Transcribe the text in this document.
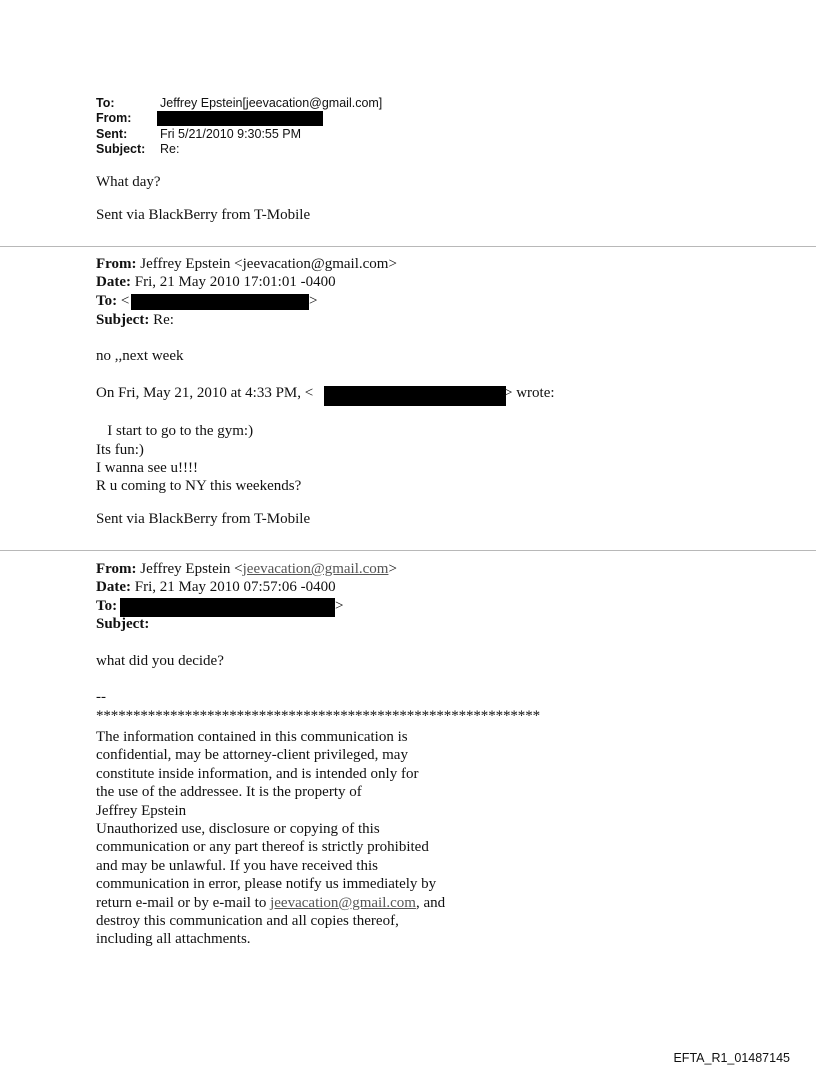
To:	Jeffrey Epstein[jeevacation@gmail.com]
From:
Sent:	Fri 5/21/2010 9:30:55 PM
Subject: Re:
What day?
Sent via BlackBerry from T-Mobile
From: Jeffrey Epstein <jeevacation@gmail.com>
Date: Fri, 21 May 2010 17:01:01 -0400
To: <	>
Subject: Re:
no ,,next week
On Fri, May 21, 2010 at 4:33 PM, <	> wrote:
I start to go to the gym:)
Its fun:)
I wanna see u!!!!
R u coming to NY this weekends?
Sent via BlackBerry from T-Mobile
From: Jeffrey Epstein <jeevacation@gmail.com>
Date: Fri, 21 May 2010 07:57:06 -0400
To:	>
Subject:
what did you decide?
--
************************************************************
The information contained in this communication is
confidential, may be attorney-client privileged, may
constitute inside information, and is intended only for
the use of the addressee. It is the property of
Jeffrey Epstein
Unauthorized use, disclosure or copying of this
communication or any part thereof is strictly prohibited
and may be unlawful. If you have received this
communication in error, please notify us immediately by
return e-mail or by e-mail to jeevacation@gmail.com, and
destroy this communication and all copies thereof,
including all attachments.
EFTA_R1_01487145
